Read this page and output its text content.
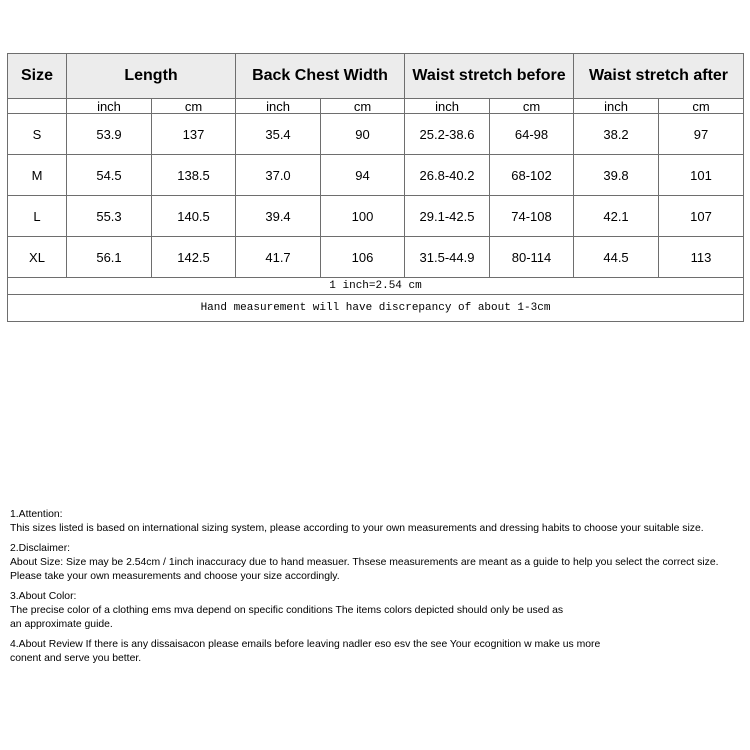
Size	Length		Back Chest Width		Waist stretch before		Waist stretch after	
	inch	cm	inch	cm	inch	cm	inch	cm
S	53.9	137	35.4	90	25.2-38.6	64-98	38.2	97
M	54.5	138.5	37.0	94	26.8-40.2	68-102	39.8	101
L	55.3	140.5	39.4	100	29.1-42.5	74-108	42.1	107
XL	56.1	142.5	41.7	106	31.5-44.9	80-114	44.5	113
1 inch=2.54 cm								
Hand measurement will have discrepancy of about 1-3cm								

1.Attention:
This sizes listed is based on international sizing system, please according to your own measurements and dressing habits to choose your suitable size.

2.Disclaimer:
About Size: Size may be 2.54cm / 1inch inaccuracy due to hand measuer. Thsese measurements are meant as a guide to help you select the correct size.
Please take your own measurements and choose your size accordingly.

3.About Color:
The precise color of a clothing ems mva depend on specific conditions The items colors depicted should only be used as
an approximate guide.

4.About Review If there is any dissaisacon please emails before leaving nadler eso esv the see Your ecognition w make us more
conent and serve you better.
